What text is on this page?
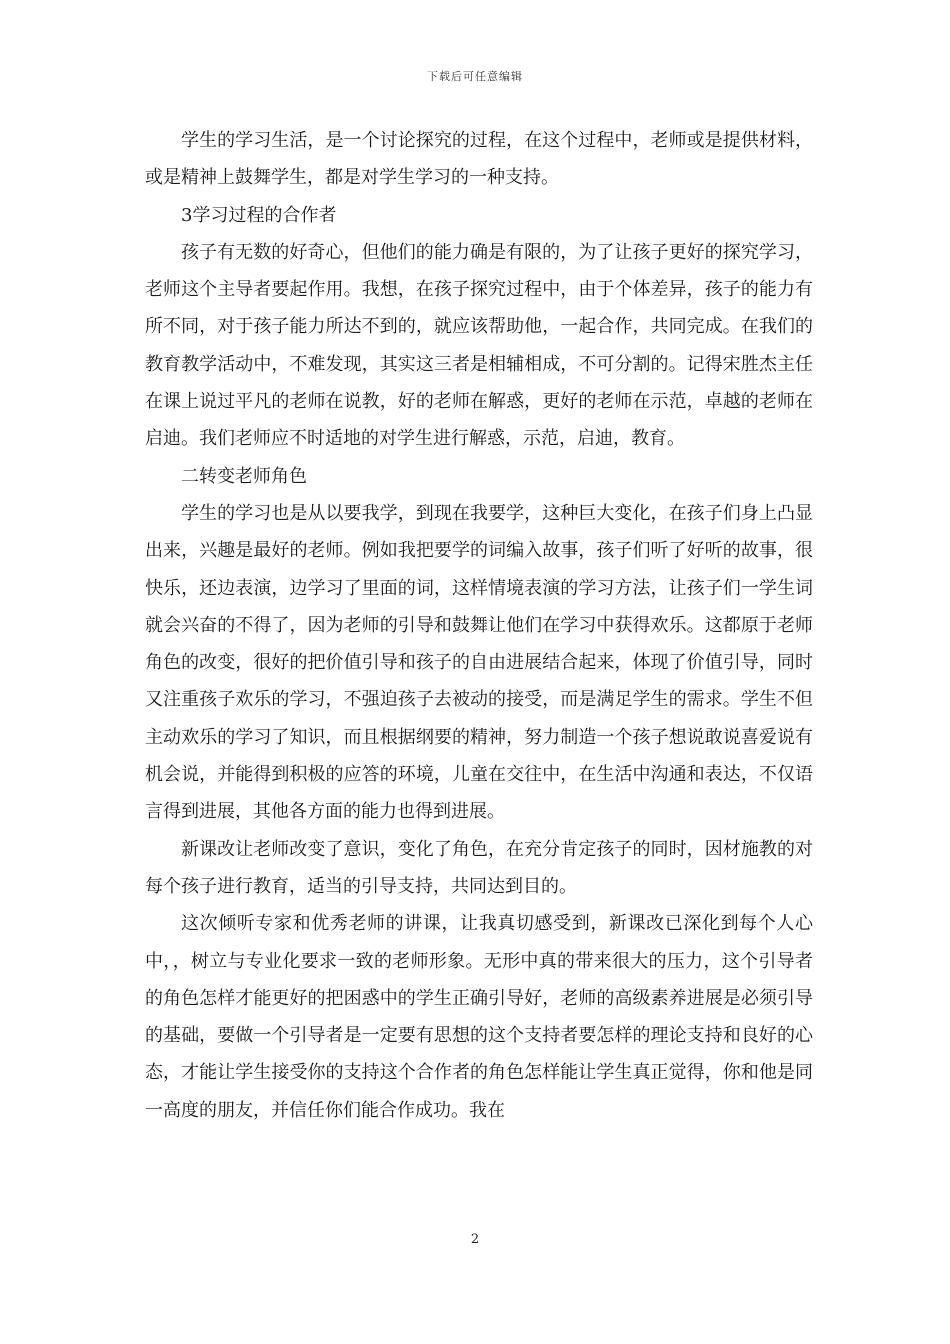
下载后可任意编辑

学生的学习生活，是一个讨论探究的过程，在这个过程中，老师或是提供材料，或是精神上鼓舞学生，都是对学生学习的一种支持。

3学习过程的合作者

孩子有无数的好奇心，但他们的能力确是有限的，为了让孩子更好的探究学习，老师这个主导者要起作用。我想，在孩子探究过程中，由于个体差异，孩子的能力有所不同，对于孩子能力所达不到的，就应该帮助他，一起合作，共同完成。在我们的教育教学活动中，不难发现，其实这三者是相辅相成，不可分割的。记得宋胜杰主任在课上说过平凡的老师在说教，好的老师在解惑，更好的老师在示范，卓越的老师在启迪。我们老师应不时适地的对学生进行解惑，示范，启迪，教育。

二转变老师角色

学生的学习也是从以要我学，到现在我要学，这种巨大变化，在孩子们身上凸显出来，兴趣是最好的老师。例如我把要学的词编入故事，孩子们听了好听的故事，很快乐，还边表演，边学习了里面的词，这样情境表演的学习方法，让孩子们一学生词就会兴奋的不得了，因为老师的引导和鼓舞让他们在学习中获得欢乐。这都原于老师角色的改变，很好的把价值引导和孩子的自由进展结合起来，体现了价值引导，同时又注重孩子欢乐的学习，不强迫孩子去被动的接受，而是满足学生的需求。学生不但主动欢乐的学习了知识，而且根据纲要的精神，努力制造一个孩子想说敢说喜爱说有机会说，并能得到积极的应答的环境，儿童在交往中，在生活中沟通和表达，不仅语言得到进展，其他各方面的能力也得到进展。

新课改让老师改变了意识，变化了角色，在充分肯定孩子的同时，因材施教的对每个孩子进行教育，适当的引导支持，共同达到目的。

这次倾听专家和优秀老师的讲课，让我真切感受到，新课改已深化到每个人心中，，树立与专业化要求一致的老师形象。无形中真的带来很大的压力，这个引导者的角色怎样才能更好的把困惑中的学生正确引导好，老师的高级素养进展是必须引导的基础，要做一个引导者是一定要有思想的这个支持者要怎样的理论支持和良好的心态，才能让学生接受你的支持这个合作者的角色怎样能让学生真正觉得，你和他是同一高度的朋友，并信任你们能合作成功。我在

2
